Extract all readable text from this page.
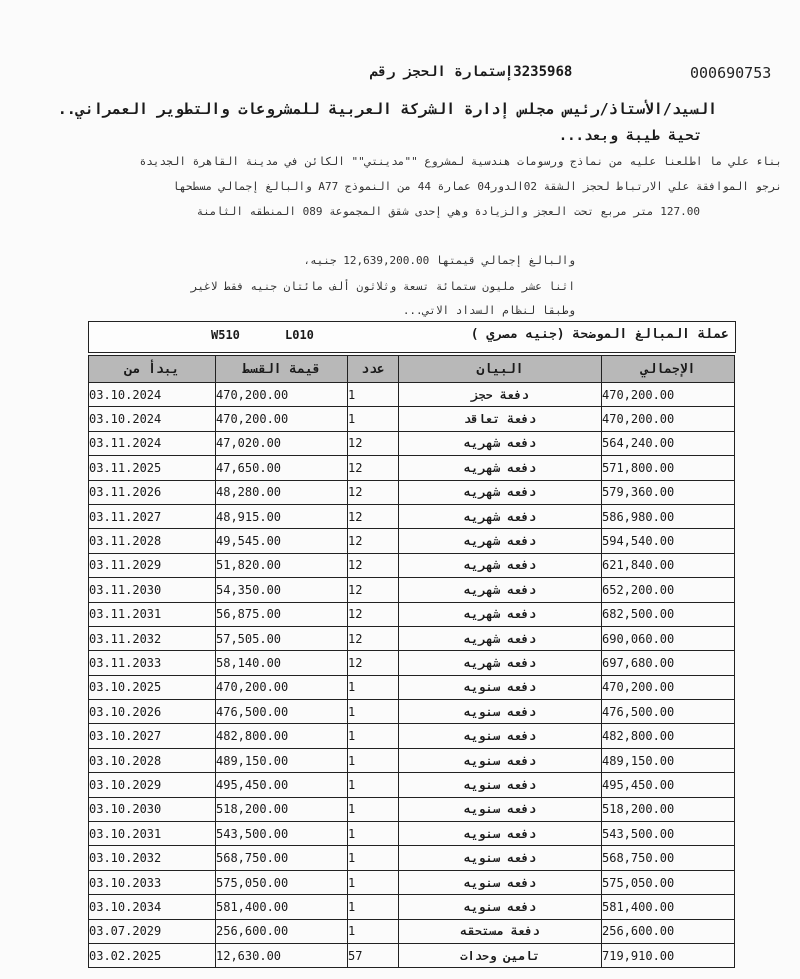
000690753
3235968إستمارة الحجز رقم
السيد/الأستاذ/رئيس مجلس إدارة الشركة العربية للمشروعات والتطوير العمراني..
تحية طيبة وبعد...
بناء علي ما اطلعنا عليه من نماذج ورسومات هندسية لمشروع ""مدينتي"" الكائن في مدينة القاهرة الجديدة
نرجو الموافقة علي الارتباط لحجز الشقة 02الدور04 عمارة 44 من النموذج A77 والبالغ إجمالي مسطحها
127.00 متر مربع تحت العجز والزيادة وهي إحدى شقق المجموعة 089 المنطقه الثامنة
والبالغ إجمالي قيمتها 12,639,200.00 جنيه،
اثنا عشر مليون ستمائة تسعة وثلاثون ألف مائتان جنيه فقط لاغير
وطبقا لنظام السداد الاتي...
W510	L010	عملة المبالغ الموضحة (جنيه مصري )
يبدأ من	قيمة القسط	عدد	البيان	الإجمالي
03.10.2024	470,200.00	1	دفعة حجز	470,200.00
03.10.2024	470,200.00	1	دفعة تعاقد	470,200.00
03.11.2024	47,020.00	12	دفعه شهريه	564,240.00
03.11.2025	47,650.00	12	دفعه شهريه	571,800.00
03.11.2026	48,280.00	12	دفعه شهريه	579,360.00
03.11.2027	48,915.00	12	دفعه شهريه	586,980.00
03.11.2028	49,545.00	12	دفعه شهريه	594,540.00
03.11.2029	51,820.00	12	دفعه شهريه	621,840.00
03.11.2030	54,350.00	12	دفعه شهريه	652,200.00
03.11.2031	56,875.00	12	دفعه شهريه	682,500.00
03.11.2032	57,505.00	12	دفعه شهريه	690,060.00
03.11.2033	58,140.00	12	دفعه شهريه	697,680.00
03.10.2025	470,200.00	1	دفعه سنويه	470,200.00
03.10.2026	476,500.00	1	دفعه سنويه	476,500.00
03.10.2027	482,800.00	1	دفعه سنويه	482,800.00
03.10.2028	489,150.00	1	دفعه سنويه	489,150.00
03.10.2029	495,450.00	1	دفعه سنويه	495,450.00
03.10.2030	518,200.00	1	دفعه سنويه	518,200.00
03.10.2031	543,500.00	1	دفعه سنويه	543,500.00
03.10.2032	568,750.00	1	دفعه سنويه	568,750.00
03.10.2033	575,050.00	1	دفعه سنويه	575,050.00
03.10.2034	581,400.00	1	دفعه سنويه	581,400.00
03.07.2029	256,600.00	1	دفعة مستحقه	256,600.00
03.02.2025	12,630.00	57	تامين وحدات	719,910.00
